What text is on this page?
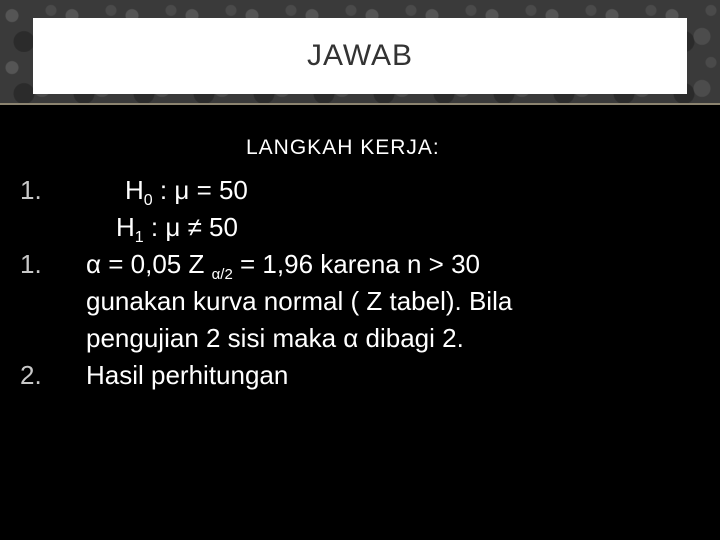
JAWAB
LANGKAH KERJA:
1.	$H_0$ : μ = 50
$H_1$ : μ ≠ 50
1. α = 0,05 Z $_{\alpha/2}$ = 1,96 karena n > 30
gunakan kurva normal ( Z tabel). Bila
pengujian 2 sisi maka α dibagi 2.
2. Hasil perhitungan
